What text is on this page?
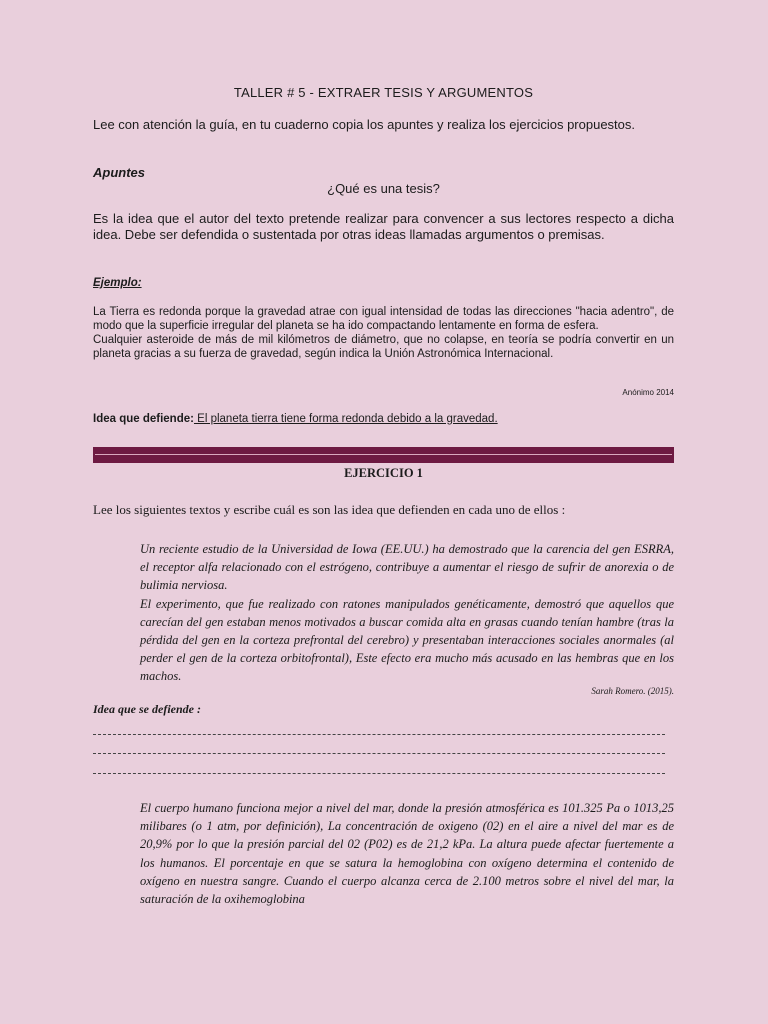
TALLER # 5 - EXTRAER TESIS Y ARGUMENTOS
Lee con atención la guía, en tu cuaderno copia los apuntes y realiza los ejercicios propuestos.
Apuntes
¿Qué es una tesis?
Es la idea que el autor del texto pretende realizar para convencer a sus lectores respecto a dicha idea. Debe ser defendida o sustentada por otras ideas llamadas argumentos o premisas.
Ejemplo:

La Tierra es redonda porque la gravedad atrae con igual intensidad de todas las direcciones "hacia adentro", de modo que la superficie irregular del planeta se ha ido compactando lentamente en forma de esfera.

Cualquier asteroide de más de mil kilómetros de diámetro, que no colapse, en teoría se podría convertir en un planeta gracias a su fuerza de gravedad, según indica la Unión Astronómica Internacional.

Anónimo 2014
Idea que defiende: El planeta tierra tiene forma redonda debido a la gravedad.
EJERCICIO 1
Lee los siguientes textos y escribe cuál es son las idea que defienden en cada uno de ellos :

Un reciente estudio de la Universidad de Iowa (EE.UU.) ha demostrado que la carencia del gen ESRRA, el receptor alfa relacionado con el estrógeno, contribuye a aumentar el riesgo de sufrir de anorexia o de bulimia nerviosa.

El experimento, que fue realizado con ratones manipulados genéticamente, demostró que aquellos que carecían del gen estaban menos motivados a buscar comida alta en grasas cuando tenían hambre (tras la pérdida del gen en la corteza prefrontal del cerebro) y presentaban interacciones sociales anormales (al perder el gen de la corteza orbitofrontal), Este efecto era mucho más acusado en las hembras que en los machos.

Sarah Romero. (2015).
Idea que se defiende :

El cuerpo humano funciona mejor a nivel del mar, donde la presión atmosférica es 101.325 Pa o 1013,25 milibares (o 1 atm, por definición), La concentración de oxigeno (02) en el aire a nivel del mar es de 20,9% por lo que la presión parcial del 02 (P02) es de 21,2 kPa. La altura puede afectar fuertemente a los humanos. El porcentaje en que se satura la hemoglobina con oxígeno determina el contenido de oxígeno en nuestra sangre. Cuando el cuerpo alcanza cerca de 2.100 metros sobre el nivel del mar, la saturación de la oxihemoglobina
